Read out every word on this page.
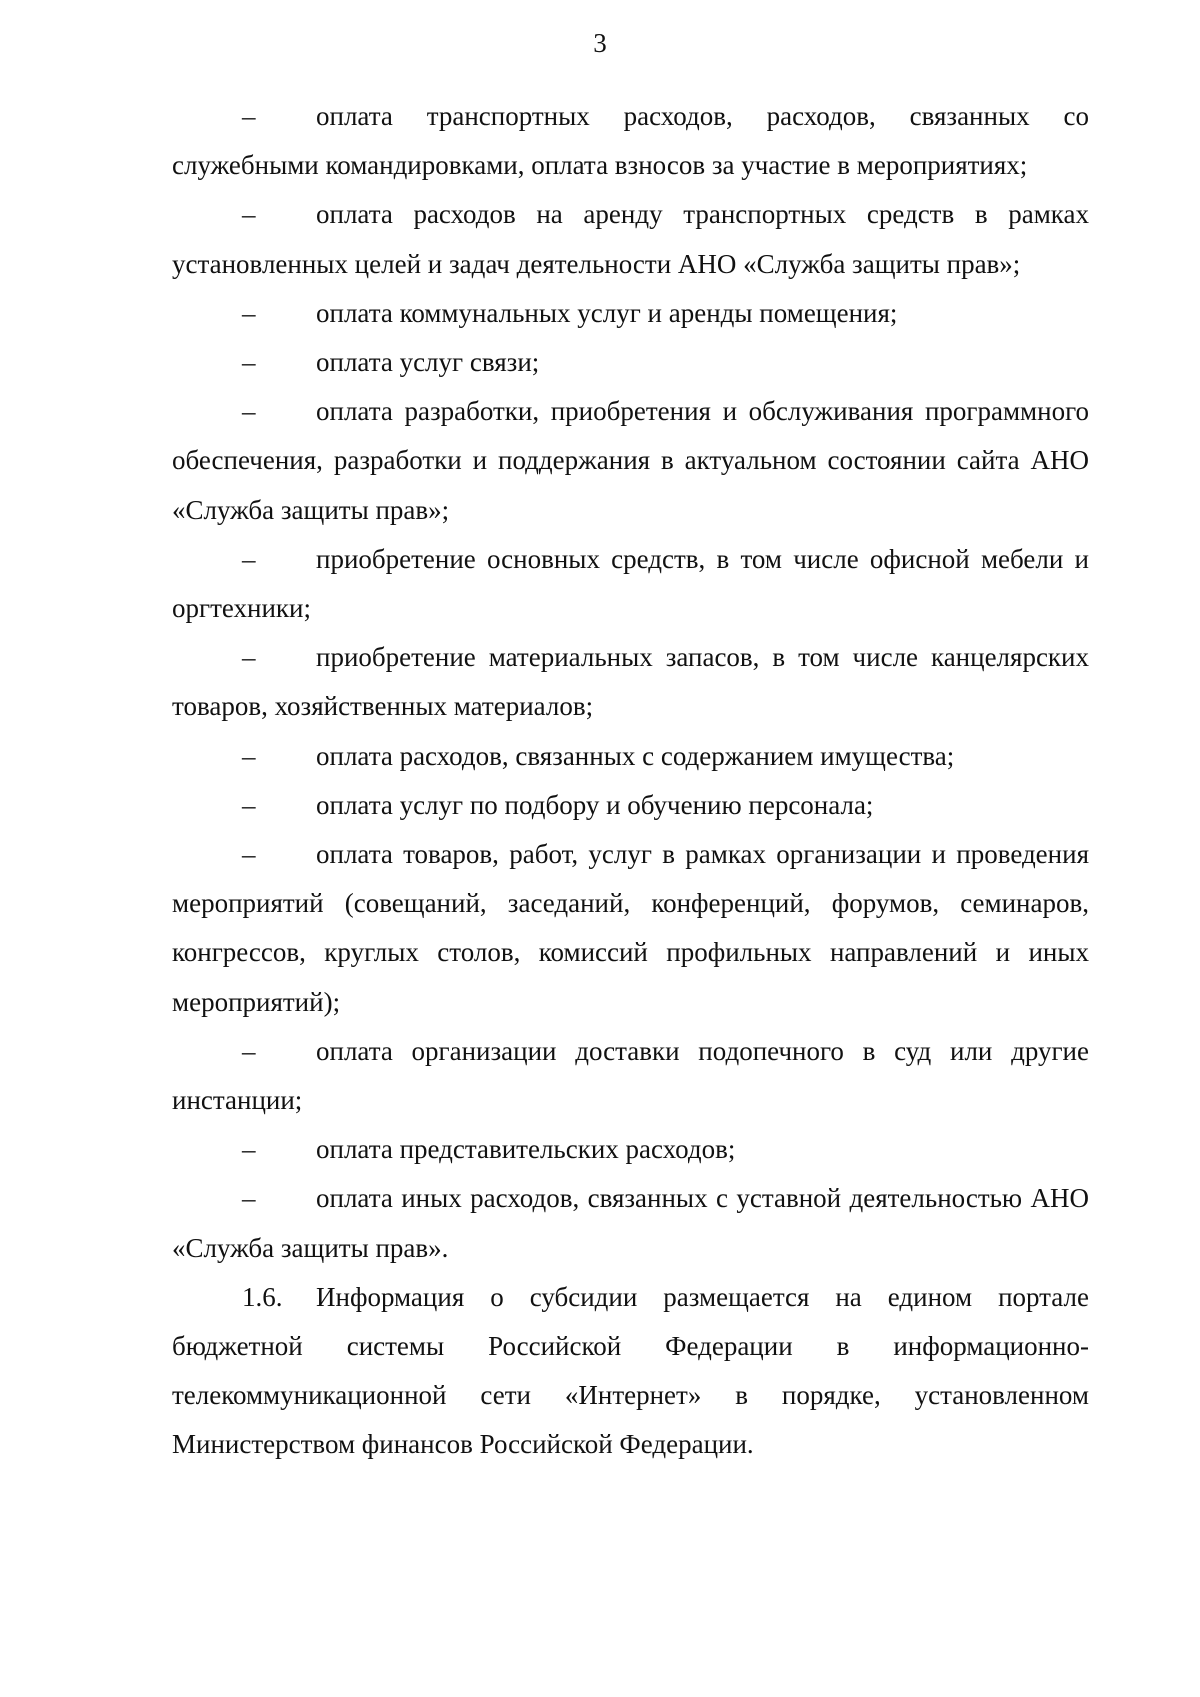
3

– оплата транспортных расходов, расходов, связанных со служебными командировками, оплата взносов за участие в мероприятиях;

– оплата расходов на аренду транспортных средств в рамках установленных целей и задач деятельности АНО «Служба защиты прав»;

– оплата коммунальных услуг и аренды помещения;

– оплата услуг связи;

– оплата разработки, приобретения и обслуживания программного обеспечения, разработки и поддержания в актуальном состоянии сайта АНО «Служба защиты прав»;

– приобретение основных средств, в том числе офисной мебели и оргтехники;

– приобретение материальных запасов, в том числе канцелярских товаров, хозяйственных материалов;

– оплата расходов, связанных с содержанием имущества;

– оплата услуг по подбору и обучению персонала;

– оплата товаров, работ, услуг в рамках организации и проведения мероприятий (совещаний, заседаний, конференций, форумов, семинаров, конгрессов, круглых столов, комиссий профильных направлений и иных мероприятий);

– оплата организации доставки подопечного в суд или другие инстанции;

– оплата представительских расходов;

– оплата иных расходов, связанных с уставной деятельностью АНО «Служба защиты прав».

1.6. Информация о субсидии размещается на едином портале бюджетной системы Российской Федерации в информационно-телекоммуникационной сети «Интернет» в порядке, установленном Министерством финансов Российской Федерации.
